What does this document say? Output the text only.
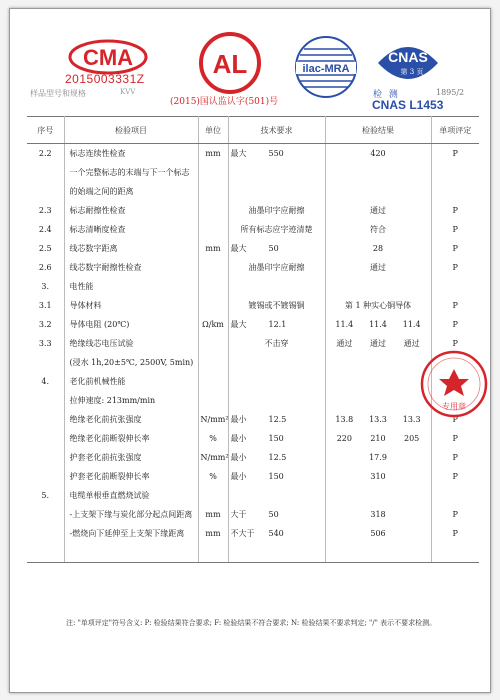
CMA
2015003331Z	AL
(2015)国认监认字(501)号
ilac-MRA
CNAS
第 3 页
检 测
CNAS L1453
样品型号和规格	KVV	1895/2
序号	检验项目	单位	技术要求	检验结果	单项评定
2.2	标志连续性检查	mm	最大 550	420	P
	一个完整标志的末端与下一个标志		

	的始端之间的距离		

2.3	标志耐擦性检查		油墨印字应耐擦	通过	P
2.4	标志清晰度检查		所有标志应字迹清楚	符合	P
2.5	线芯数字距离	mm	最大 50	28	P
2.6	线芯数字耐擦性检查		油墨印字应耐擦	通过	P
3.	电性能		

3.1	导体材料		镀锡或不镀锡铜	第 1 种实心铜导体	P
3.2	导体电阻 (20℃)	Ω/km	最大 12.1	11.4 11.4 11.4	P
3.3	绝缘线芯电压试验		不击穿	通过 通过 通过	P
	(浸水 1h,20±5℃, 2500V, 5min)		

4.	老化前机械性能		

	拉伸速度: 213mm/min		

	绝缘老化前抗张强度	N/mm²	最小 12.5	13.8 13.3 13.3	P
	绝缘老化前断裂伸长率	%	最小 150	220 210 205	P
	护套老化前抗张强度	N/mm²	最小 12.5	17.9	P
	护套老化前断裂伸长率	%	最小 150	310	P
5.	电缆单根垂直燃烧试验		

	-上支架下缘与炭化部分起点间距离	mm	大于 50	318	P
	-燃烧向下延伸至上支架下缘距离	mm	不大于 540	506	P

专用章
注: "单项评定"符号含义: P: 检验结果符合要求; F: 检验结果不符合要求; N: 检验结果不要求判定; "/" 表示不要求检测。
